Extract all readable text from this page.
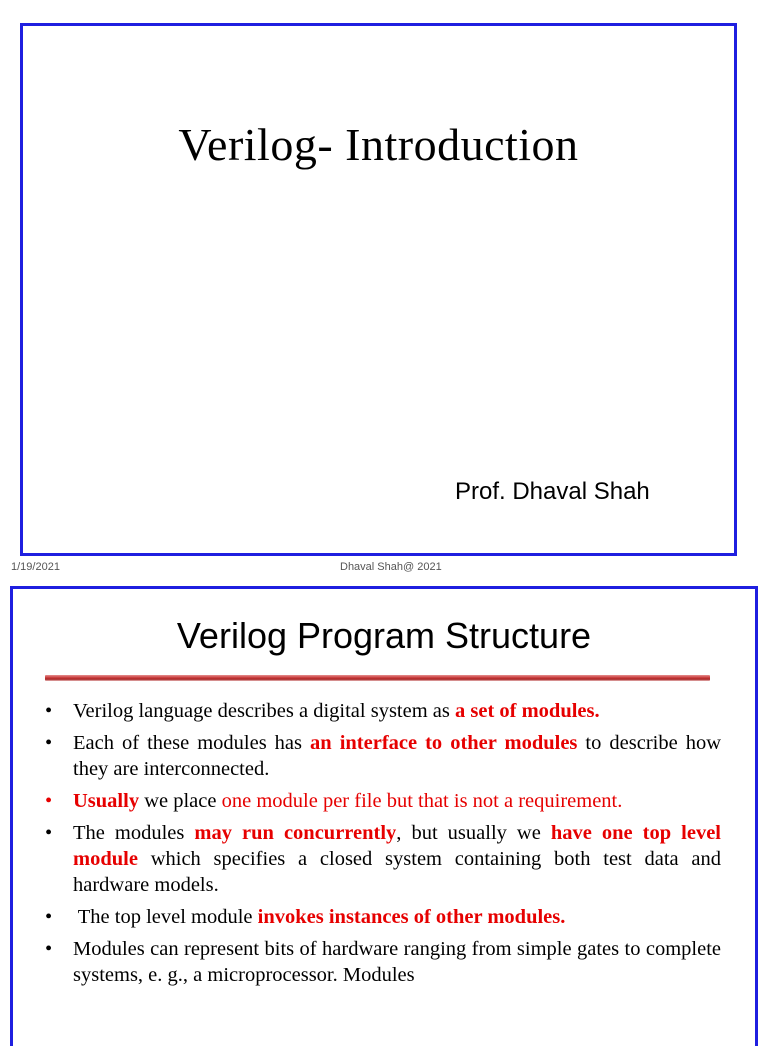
Verilog- Introduction
Prof. Dhaval Shah
1/19/2021	Dhaval Shah@ 2021
Verilog Program Structure
• Verilog language describes a digital system as a set of modules.
• Each of these modules has an interface to other modules to describe how they are interconnected.
• Usually we place one module per file but that is not a requirement.
• The modules may run concurrently, but usually we have one top level module which specifies a closed system containing both test data and hardware models.
• The top level module invokes instances of other modules.
• Modules can represent bits of hardware ranging from simple gates to complete systems, e. g., a microprocessor. Modules
